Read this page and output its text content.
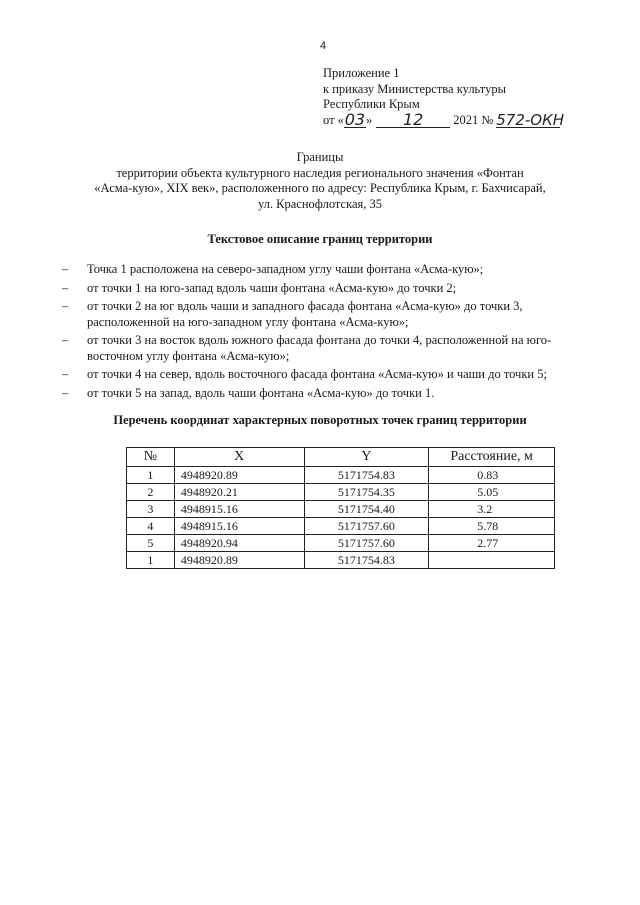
4
Приложение 1
к приказу Министерства культуры
Республики Крым
от « 03 »	12	2021 № 572-ОКН
Границы
территории объекта культурного наследия регионального значения «Фонтан
«Асма-кую», XIX век», расположенного по адресу: Республика Крым, г. Бахчисарай,
ул. Краснофлотская, 35
Текстовое описание границ территории
–	Точка 1 расположена на северо-западном углу чаши фонтана «Асма-кую»;
–	от точки 1 на юго-запад вдоль чаши фонтана «Асма-кую» до точки 2;
–	от точки 2 на юг вдоль чаши и западного фасада фонтана «Асма-кую» до точки 3, расположенной на юго-западном углу фонтана «Асма-кую»;
–	от точки 3 на восток вдоль южного фасада фонтана до точки 4, расположенной на юго-восточном углу фонтана «Асма-кую»;
–	от точки 4 на север, вдоль восточного фасада фонтана «Асма-кую» и чаши до точки 5;
–	от точки 5 на запад, вдоль чаши фонтана «Асма-кую» до точки 1.
Перечень координат характерных поворотных точек границ территории
№	X	Y	Расстояние, м
1	4948920.89	5171754.83	0.83
2	4948920.21	5171754.35	5.05
3	4948915.16	5171754.40	3.2
4	4948915.16	5171757.60	5.78
5	4948920.94	5171757.60	2.77
1	4948920.89	5171754.83	
